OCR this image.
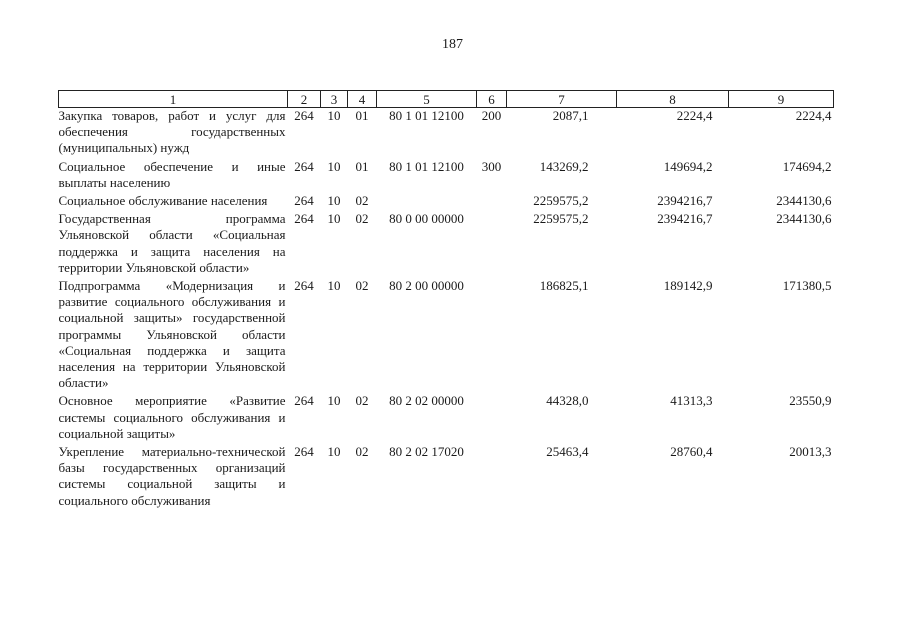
187
1	2	3	4	5	6	7	8	9
Закупка товаров, работ и услуг для обеспечения государственных (муниципальных) нужд	264	10	01	80 1 01 12100	200	2087,1	2224,4	2224,4
Социальное обеспечение и иные выплаты населению	264	10	01	80 1 01 12100	300	143269,2	149694,2	174694,2
Социальное обслуживание населения	264	10	02			2259575,2	2394216,7	2344130,6
Государственная программа Ульяновской области «Социальная поддержка и защита населения на территории Ульяновской области»	264	10	02	80 0 00 00000		2259575,2	2394216,7	2344130,6
Подпрограмма «Модернизация и развитие социального обслуживания и социальной защиты» государственной программы Ульяновской области «Социальная поддержка и защита населения на территории Ульяновской области»	264	10	02	80 2 00 00000		186825,1	189142,9	171380,5
Основное мероприятие «Развитие системы социального обслуживания и социальной защиты»	264	10	02	80 2 02 00000		44328,0	41313,3	23550,9
Укрепление материально-технической базы государственных организаций системы социальной защиты и социального обслуживания	264	10	02	80 2 02 17020		25463,4	28760,4	20013,3
